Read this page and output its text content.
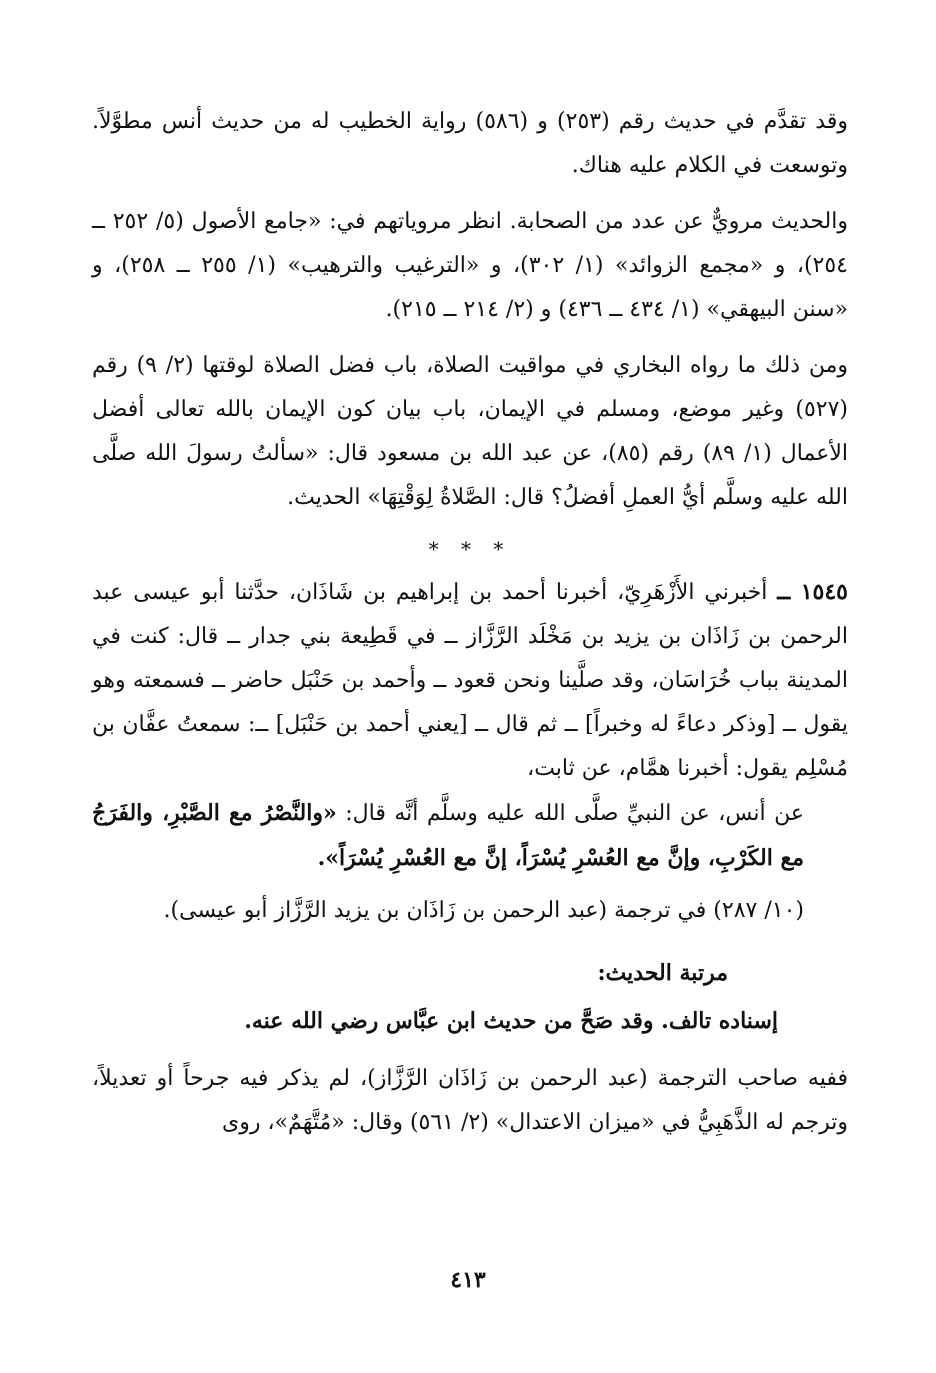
وقد تقدَّم في حديث رقم (٢٥٣) و (٥٨٦) رواية الخطيب له من حديث أنس مطوَّلاً. وتوسعت في الكلام عليه هناك.

والحديث مرويٌّ عن عدد من الصحابة. انظر مروياتهم في: «جامع الأصول (٥/ ٢٥٢ ــ ٢٥٤)، و «مجمع الزوائد» (١/ ٣٠٢)، و «الترغيب والترهيب» (١/ ٢٥٥ ــ ٢٥٨)، و «سنن البيهقي» (١/ ٤٣٤ ــ ٤٣٦) و (٢/ ٢١٤ ــ ٢١٥).

ومن ذلك ما رواه البخاري في مواقيت الصلاة، باب فضل الصلاة لوقتها (٢/ ٩) رقم (٥٢٧) وغير موضع، ومسلم في الإيمان، باب بيان كون الإيمان بالله تعالى أفضل الأعمال (١/ ٨٩) رقم (٨٥)، عن عبد الله بن مسعود قال: «سألتُ رسولَ الله صلَّى الله عليه وسلَّم أيُّ العملِ أفضلُ؟ قال: الصَّلاةُ لِوَقْتِهَا» الحديث.

* * *

١٥٤٥ ــ أخبرني الأَزْهَرِيّ، أخبرنا أحمد بن إبراهيم بن شَاذَان، حدَّثنا أبو عيسى عبد الرحمن بن زَاذَان بن يزيد بن مَخْلَد الرَّزَّاز ــ في قَطِيعة بني جدار ــ قال: كنت في المدينة بباب خُرَاسَان، وقد صلَّينا ونحن قعود ــ وأحمد بن حَنْبَل حاضر ــ فسمعته وهو يقول ــ [وذكر دعاءً له وخبراً] ــ ثم قال ــ [يعني أحمد بن حَنْبَل] ــ: سمعتُ عفَّان بن مُسْلِم يقول: أخبرنا همَّام، عن ثابت،

عن أنس، عن النبيِّ صلَّى الله عليه وسلَّم أنَّه قال: «والنَّصْرُ مع الصَّبْرِ، والفَرَجُ مع الكَرْبِ، وإنَّ مع العُسْرِ يُسْرَاً، إنَّ مع العُسْرِ يُسْرَاً».

(١٠/ ٢٨٧) في ترجمة (عبد الرحمن بن زَاذَان بن يزيد الرَّزَّاز أبو عيسى).

مرتبة الحديث:

إسناده تالف. وقد صَحَّ من حديث ابن عبَّاس رضي الله عنه.

ففيه صاحب الترجمة (عبد الرحمن بن زَاذَان الرَّزَّاز)، لم يذكر فيه جرحاً أو تعديلاً، وترجم له الذَّهَبِيُّ في «ميزان الاعتدال» (٢/ ٥٦١) وقال: «مُتَّهَمٌ»، روى

٤١٣
